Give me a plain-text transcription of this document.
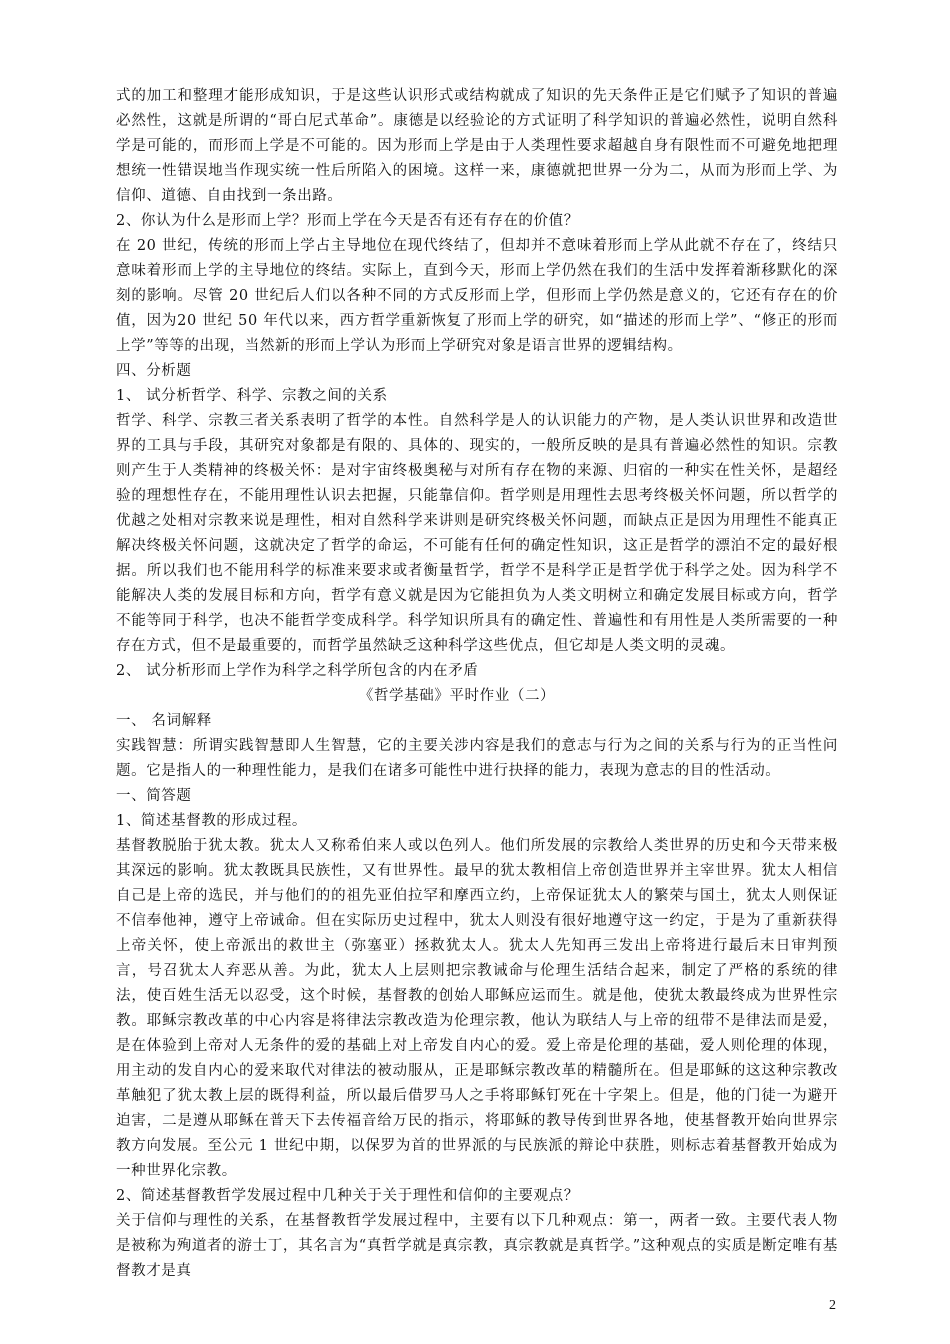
式的加工和整理才能形成知识，于是这些认识形式或结构就成了知识的先天条件正是它们赋予了知识的普遍必然性，这就是所谓的“哥白尼式革命”。康德是以经验论的方式证明了科学知识的普遍必然性，说明自然科学是可能的，而形而上学是不可能的。因为形而上学是由于人类理性要求超越自身有限性而不可避免地把理想统一性错误地当作现实统一性后所陷入的困境。这样一来，康德就把世界一分为二，从而为形而上学、为信仰、道德、自由找到一条出路。

2、你认为什么是形而上学？形而上学在今天是否有还有存在的价值？

在 20 世纪，传统的形而上学占主导地位在现代终结了，但却并不意味着形而上学从此就不存在了，终结只意味着形而上学的主导地位的终结。实际上，直到今天，形而上学仍然在我们的生活中发挥着渐移默化的深刻的影响。尽管 20 世纪后人们以各种不同的方式反形而上学，但形而上学仍然是意义的，它还有存在的价值，因为20 世纪 50 年代以来，西方哲学重新恢复了形而上学的研究，如“描述的形而上学”、“修正的形而上学”等等的出现，当然新的形而上学认为形而上学研究对象是语言世界的逻辑结构。

四、分析题

1、 试分析哲学、科学、宗教之间的关系

哲学、科学、宗教三者关系表明了哲学的本性。自然科学是人的认识能力的产物，是人类认识世界和改造世界的工具与手段，其研究对象都是有限的、具体的、现实的，一般所反映的是具有普遍必然性的知识。宗教则产生于人类精神的终极关怀：是对宇宙终极奥秘与对所有存在物的来源、归宿的一种实在性关怀，是超经验的理想性存在，不能用理性认识去把握，只能靠信仰。哲学则是用理性去思考终极关怀问题，所以哲学的优越之处相对宗教来说是理性，相对自然科学来讲则是研究终极关怀问题，而缺点正是因为用理性不能真正解决终极关怀问题，这就决定了哲学的命运，不可能有任何的确定性知识，这正是哲学的漂泊不定的最好根据。所以我们也不能用科学的标准来要求或者衡量哲学，哲学不是科学正是哲学优于科学之处。因为科学不能解决人类的发展目标和方向，哲学有意义就是因为它能担负为人类文明树立和确定发展目标或方向，哲学不能等同于科学，也决不能哲学变成科学。科学知识所具有的确定性、普遍性和有用性是人类所需要的一种存在方式，但不是最重要的，而哲学虽然缺乏这种科学这些优点，但它却是人类文明的灵魂。

2、 试分析形而上学作为科学之科学所包含的内在矛盾

《哲学基础》平时作业（二）

一、 名词解释

实践智慧：所谓实践智慧即人生智慧，它的主要关涉内容是我们的意志与行为之间的关系与行为的正当性问题。它是指人的一种理性能力，是我们在诸多可能性中进行抉择的能力，表现为意志的目的性活动。

一、简答题

1、简述基督教的形成过程。

基督教脱胎于犹太教。犹太人又称希伯来人或以色列人。他们所发展的宗教给人类世界的历史和今天带来极其深远的影响。犹太教既具民族性，又有世界性。最早的犹太教相信上帝创造世界并主宰世界。犹太人相信自己是上帝的选民，并与他们的的祖先亚伯拉罕和摩西立约，上帝保证犹太人的繁荣与国土，犹太人则保证不信奉他神，遵守上帝诫命。但在实际历史过程中，犹太人则没有很好地遵守这一约定，于是为了重新获得上帝关怀，使上帝派出的救世主（弥塞亚）拯救犹太人。犹太人先知再三发出上帝将进行最后末日审判预言，号召犹太人弃恶从善。为此，犹太人上层则把宗教诫命与伦理生活结合起来，制定了严格的系统的律法，使百姓生活无以忍受，这个时候，基督教的创始人耶稣应运而生。就是他，使犹太教最终成为世界性宗教。耶稣宗教改革的中心内容是将律法宗教改造为伦理宗教，他认为联结人与上帝的纽带不是律法而是爱，是在体验到上帝对人无条件的爱的基础上对上帝发自内心的爱。爱上帝是伦理的基础，爱人则伦理的体现，用主动的发自内心的爱来取代对律法的被动服从，正是耶稣宗教改革的精髓所在。但是耶稣的这这种宗教改革触犯了犹太教上层的既得利益，所以最后借罗马人之手将耶稣钉死在十字架上。但是，他的门徒一为避开迫害，二是遵从耶稣在普天下去传福音给万民的指示，将耶稣的教导传到世界各地，使基督教开始向世界宗教方向发展。至公元 1 世纪中期，以保罗为首的世界派的与民族派的辩论中获胜，则标志着基督教开始成为一种世界化宗教。

2、简述基督教哲学发展过程中几种关于关于理性和信仰的主要观点？

关于信仰与理性的关系，在基督教哲学发展过程中，主要有以下几种观点：第一，两者一致。主要代表人物是被称为殉道者的游士丁，其名言为“真哲学就是真宗教，真宗教就是真哲学。”这种观点的实质是断定唯有基督教才是真

2
